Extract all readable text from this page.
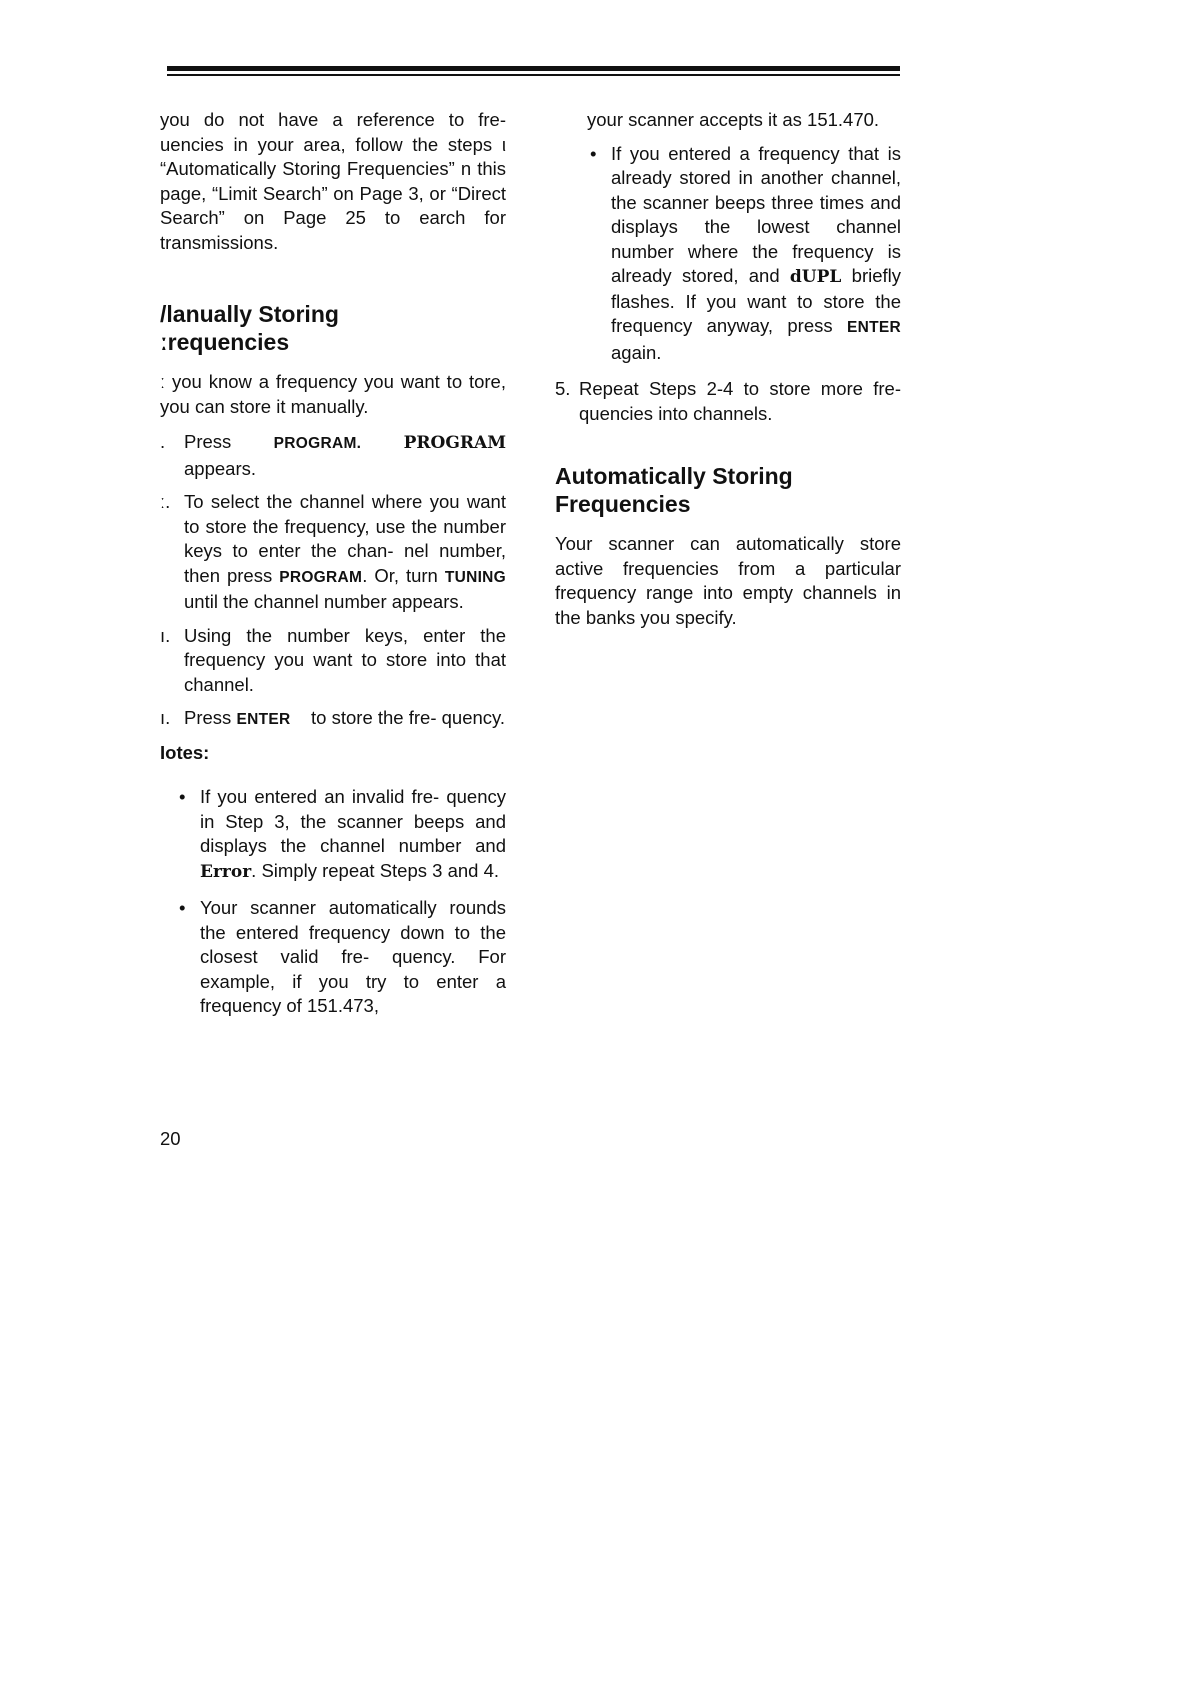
you do not have a reference to fre- uencies in your area, follow the steps ι “Automatically Storing Frequencies” n this page, “Limit Search” on Page 3, or “Direct Search” on Page 25 to earch for transmissions.

/lanually Storing
ːrequencies

ː you know a frequency you want to tore, you can store it manually.

. Press	PROGRAM. PROGRAM appears.
ː. To select the channel where you want to store the frequency, use the number keys to enter the chan- nel number, then press PROGRAM. Or, turn TUNING until the channel number appears.
ı. Using the number keys, enter the frequency you want to store into that channel.
ı. Press ENTER to store the fre- quency.
Iotes:
• If you entered an invalid fre- quency in Step 3, the scanner beeps and displays the channel number and Error. Simply repeat Steps 3 and 4.
• Your scanner automatically rounds the entered frequency down to the closest valid fre- quency. For example, if you try to enter a frequency of 151.473,
your scanner accepts it as 151.470.
• If you entered a frequency that is already stored in another channel, the scanner beeps three times and displays the lowest channel number where the frequency is already stored, and dUPL briefly flashes. If you want to store the frequency anyway, press ENTER again.
5. Repeat Steps 2-4 to store more fre- quencies into channels.
Automatically Storing
Frequencies

Your scanner can automatically store active frequencies from a particular frequency range into empty channels in the banks you specify.

20
